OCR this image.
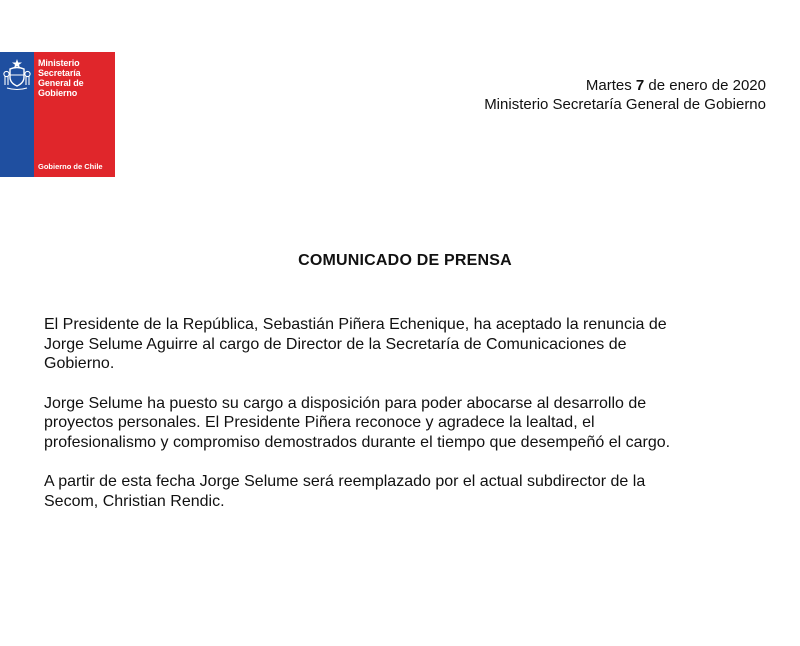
Ministerio
Secretaría
General de
Gobierno
Gobierno de Chile
Martes 7 de enero de 2020
Ministerio Secretaría General de Gobierno
COMUNICADO DE PRENSA

El Presidente de la República, Sebastián Piñera Echenique, ha aceptado la renuncia de
Jorge Selume Aguirre al cargo de Director de la Secretaría de Comunicaciones de
Gobierno.

Jorge Selume ha puesto su cargo a disposición para poder abocarse al desarrollo de
proyectos personales. El Presidente Piñera reconoce y agradece la lealtad, el
profesionalismo y compromiso demostrados durante el tiempo que desempeñó el cargo.

A partir de esta fecha Jorge Selume será reemplazado por el actual subdirector de la
Secom, Christian Rendic.
